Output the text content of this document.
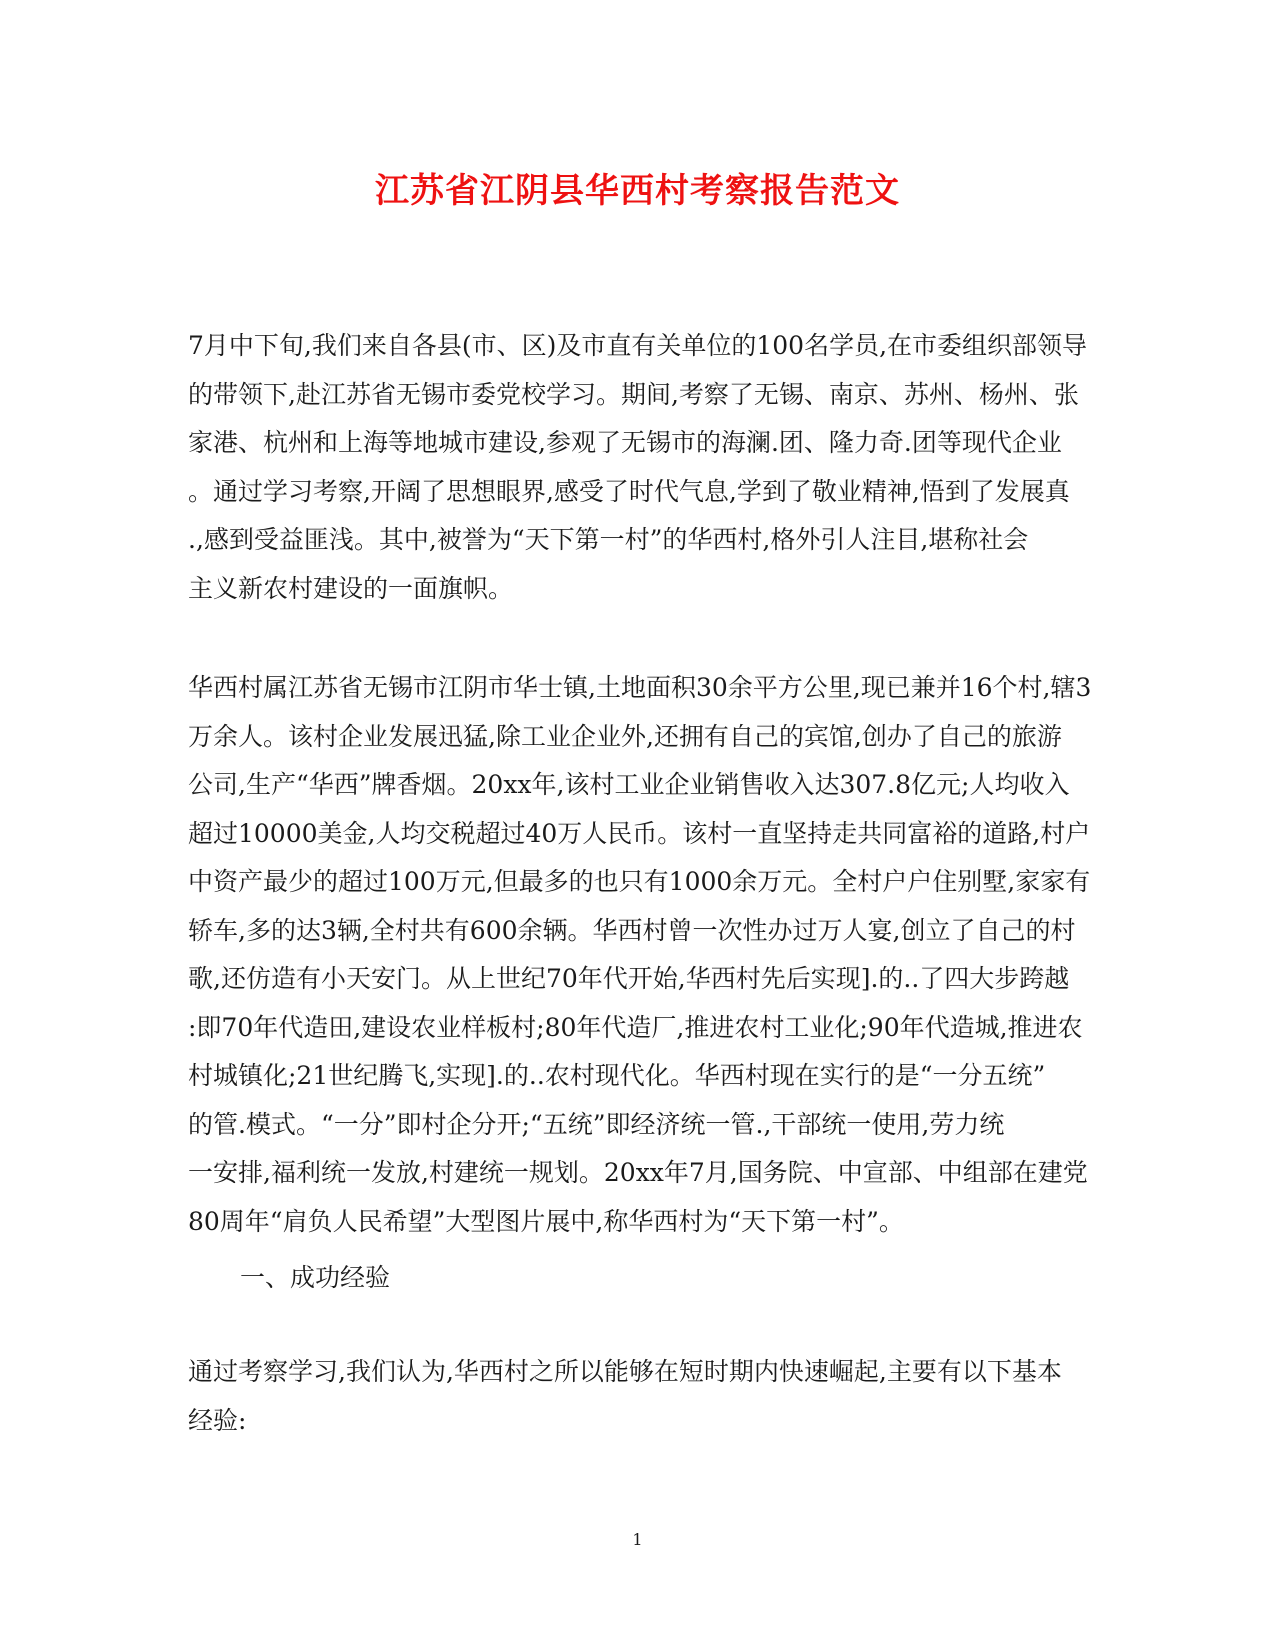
江苏省江阴县华西村考察报告范文
7月中下旬,我们来自各县(市、区)及市直有关单位的100名学员,在市委组织部领导
的带领下,赴江苏省无锡市委党校学习。期间,考察了无锡、南京、苏州、杨州、张
家港、杭州和上海等地城市建设,参观了无锡市的海澜.团、隆力奇.团等现代企业
。通过学习考察,开阔了思想眼界,感受了时代气息,学到了敬业精神,悟到了发展真
.,感到受益匪浅。其中,被誉为“天下第一村”的华西村,格外引人注目,堪称社会
主义新农村建设的一面旗帜。
华西村属江苏省无锡市江阴市华士镇,土地面积30余平方公里,现已兼并16个村,辖3
万余人。该村企业发展迅猛,除工业企业外,还拥有自己的宾馆,创办了自己的旅游
公司,生产“华西”牌香烟。20xx年,该村工业企业销售收入达307.8亿元;人均收入
超过10000美金,人均交税超过40万人民币。该村一直坚持走共同富裕的道路,村户
中资产最少的超过100万元,但最多的也只有1000余万元。全村户户住别墅,家家有
轿车,多的达3辆,全村共有600余辆。华西村曾一次性办过万人宴,创立了自己的村
歌,还仿造有小天安门。从上世纪70年代开始,华西村先后实现].的..了四大步跨越
:即70年代造田,建设农业样板村;80年代造厂,推进农村工业化;90年代造城,推进农
村城镇化;21世纪腾飞,实现].的..农村现代化。华西村现在实行的是“一分五统”
的管.模式。“一分”即村企分开;“五统”即经济统一管.,干部统一使用,劳力统
一安排,福利统一发放,村建统一规划。20xx年7月,国务院、中宣部、中组部在建党
80周年“肩负人民希望”大型图片展中,称华西村为“天下第一村”。
一、成功经验
通过考察学习,我们认为,华西村之所以能够在短时期内快速崛起,主要有以下基本
经验:
1
